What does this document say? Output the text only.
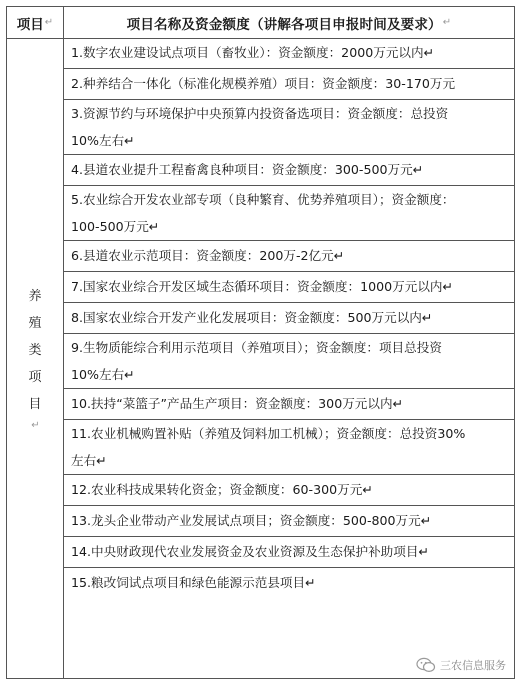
项目 ↵	项目名称及资金额度（讲解各项目申报时间及要求） ↵
养
殖
类
项
目
↵
1.数字农业建设试点项目（畜牧业）：资金额度：2000万元以内↵
2.种养结合一体化（标准化规模养殖）项目：资金额度：30-170万元
3.资源节约与环境保护中央预算内投资备选项目：资金额度：总投资
10%左右↵
4.县道农业提升工程畜禽良种项目：资金额度：300-500万元↵
5.农业综合开发农业部专项（良种繁育、优势养殖项目）；资金额度：
100-500万元↵
6.县道农业示范项目：资金额度：200万-2亿元↵
7.国家农业综合开发区域生态循环项目：资金额度：1000万元以内↵
8.国家农业综合开发产业化发展项目：资金额度：500万元以内↵
9.生物质能综合利用示范项目（养殖项目）；资金额度：项目总投资
10%左右↵
10.扶持“菜篮子”产品生产项目：资金额度：300万元以内↵
11.农业机械购置补贴（养殖及饲料加工机械）；资金额度：总投资30%
左右↵
12.农业科技成果转化资金；资金额度：60-300万元↵
13.龙头企业带动产业发展试点项目；资金额度：500-800万元↵
14.中央财政现代农业发展资金及农业资源及生态保护补助项目↵
15.粮改饲试点项目和绿色能源示范县项目↵
三农信息服务
